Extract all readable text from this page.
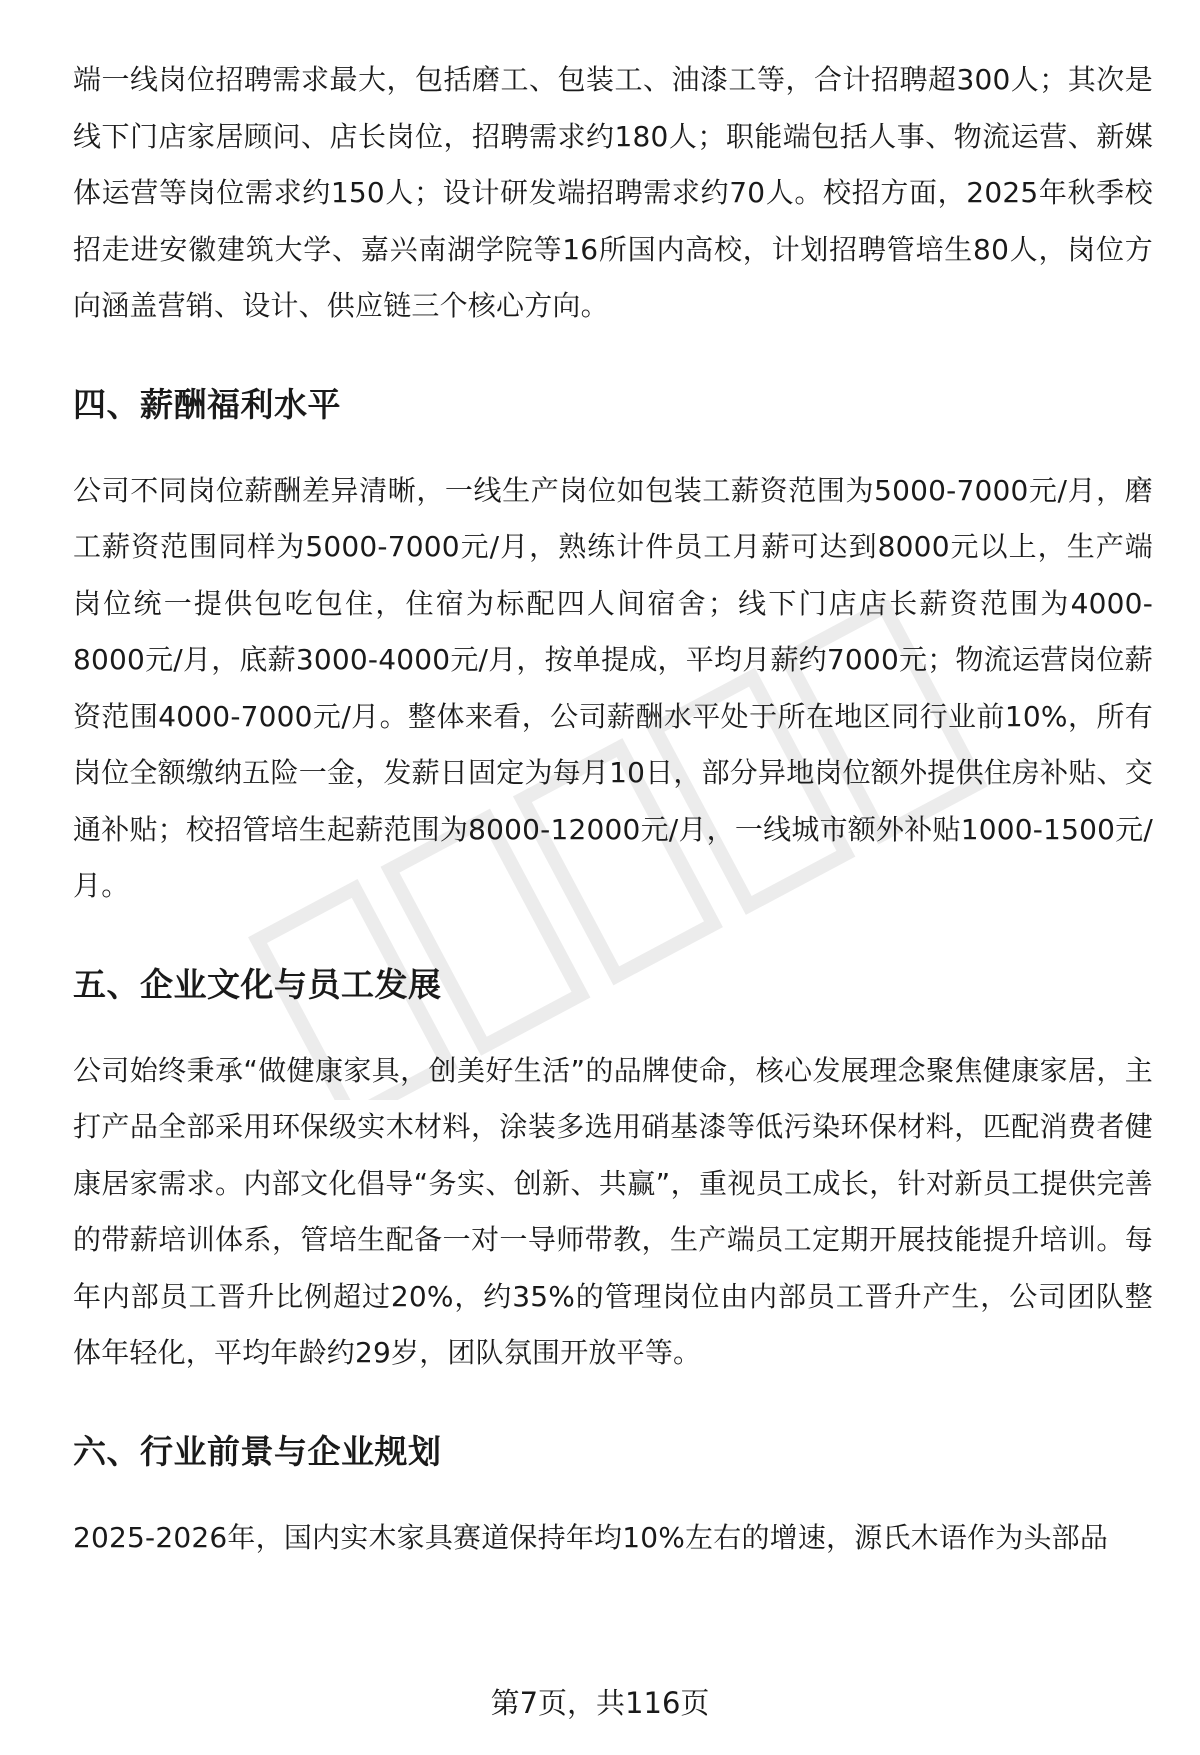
端一线岗位招聘需求最大，包括磨工、包装工、油漆工等，合计招聘超300人；其次是线下门店家居顾问、店长岗位，招聘需求约180人；职能端包括人事、物流运营、新媒体运营等岗位需求约150人；设计研发端招聘需求约70人。校招方面，2025年秋季校招走进安徽建筑大学、嘉兴南湖学院等16所国内高校，计划招聘管培生80人，岗位方向涵盖营销、设计、供应链三个核心方向。

四、薪酬福利水平

公司不同岗位薪酬差异清晰，一线生产岗位如包装工薪资范围为5000-7000元/月，磨工薪资范围同样为5000-7000元/月，熟练计件员工月薪可达到8000元以上，生产端岗位统一提供包吃包住，住宿为标配四人间宿舍；线下门店店长薪资范围为4000-8000元/月，底薪3000-4000元/月，按单提成，平均月薪约7000元；物流运营岗位薪资范围4000-7000元/月。整体来看，公司薪酬水平处于所在地区同行业前10%，所有岗位全额缴纳五险一金，发薪日固定为每月10日，部分异地岗位额外提供住房补贴、交通补贴；校招管培生起薪范围为8000-12000元/月，一线城市额外补贴1000-1500元/月。

五、企业文化与员工发展

公司始终秉承“做健康家具，创美好生活”的品牌使命，核心发展理念聚焦健康家居，主打产品全部采用环保级实木材料，涂装多选用硝基漆等低污染环保材料，匹配消费者健康居家需求。内部文化倡导“务实、创新、共赢”，重视员工成长，针对新员工提供完善的带薪培训体系，管培生配备一对一导师带教，生产端员工定期开展技能提升培训。每年内部员工晋升比例超过20%，约35%的管理岗位由内部员工晋升产生，公司团队整体年轻化，平均年龄约29岁，团队氛围开放平等。

六、行业前景与企业规划

2025-2026年，国内实木家具赛道保持年均10%左右的增速，源氏木语作为头部品

第7页，共116页
